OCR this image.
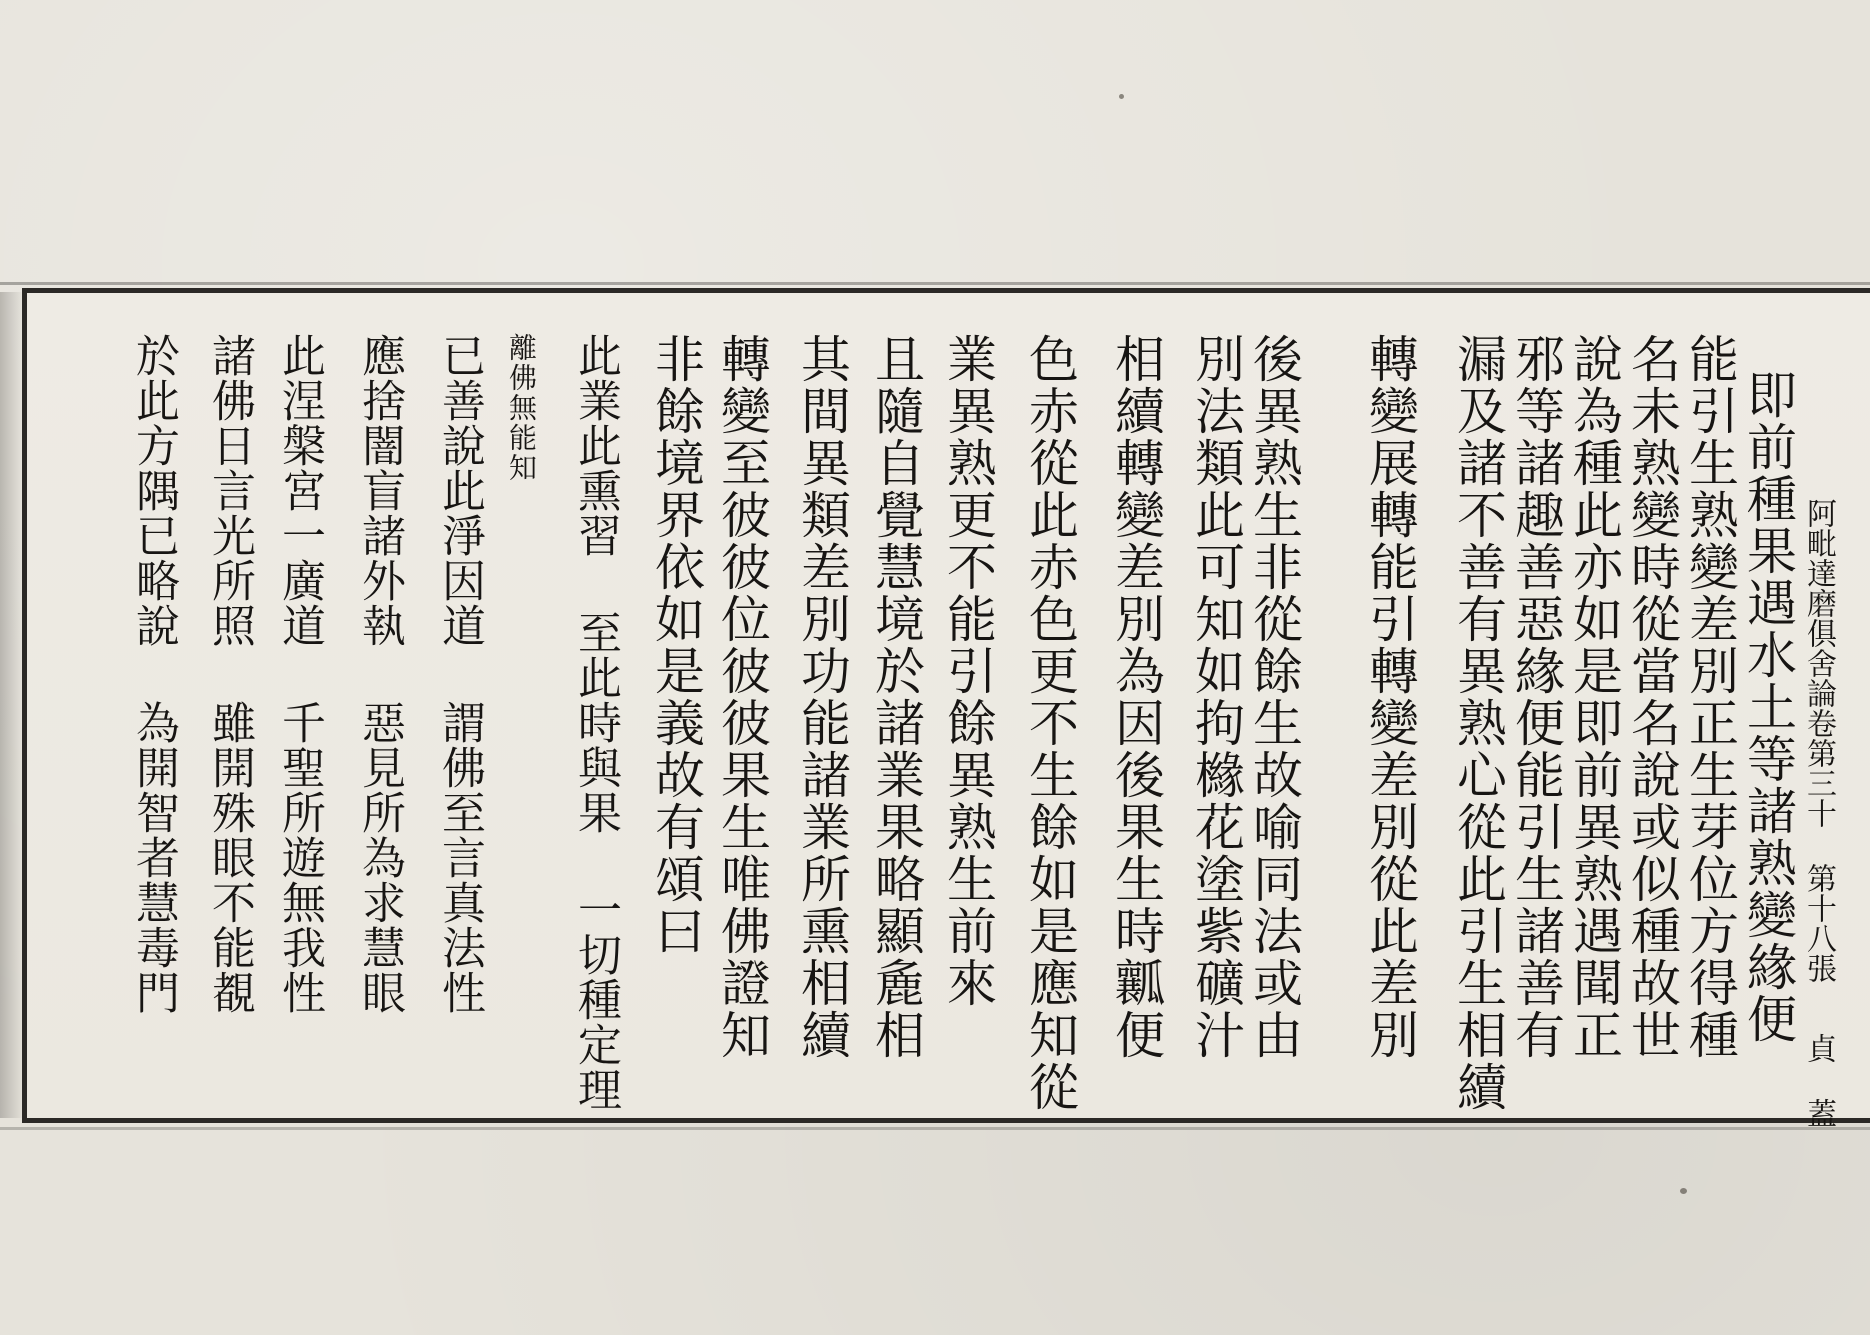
阿毗達磨俱舍論卷第三十 第十八張
貞 蓋
即前種果遇水土等諸熟變緣便
能引生熟變差別正生芽位方得種
名未熟變時從當名說或似種故世
說為種此亦如是即前異熟遇聞正
邪等諸趣善惡緣便能引生諸善有
漏及諸不善有異熟心從此引生相續
轉變展轉能引轉變差別從此差別
後異熟生非從餘生故喻同法或由
別法類此可知如拘櫞花塗紫礦汁
相續轉變差別為因後果生時瓤便
色赤從此赤色更不生餘如是應知從
業異熟更不能引餘異熟生前來
且隨自覺慧境於諸業果略顯麁相
其間異類差別功能諸業所熏相續
轉變至彼彼位彼彼果生唯佛證知
非餘境界依如是義故有頌曰
此業此熏習 至此時與果 一切種定理
離佛無能知
已善說此淨因道 謂佛至言真法性
應捨闇盲諸外執 惡見所為求慧眼
此涅槃宮一廣道 千聖所遊無我性
諸佛日言光所照 雖開殊眼不能覩
於此方隅已略說 為開智者慧毒門
